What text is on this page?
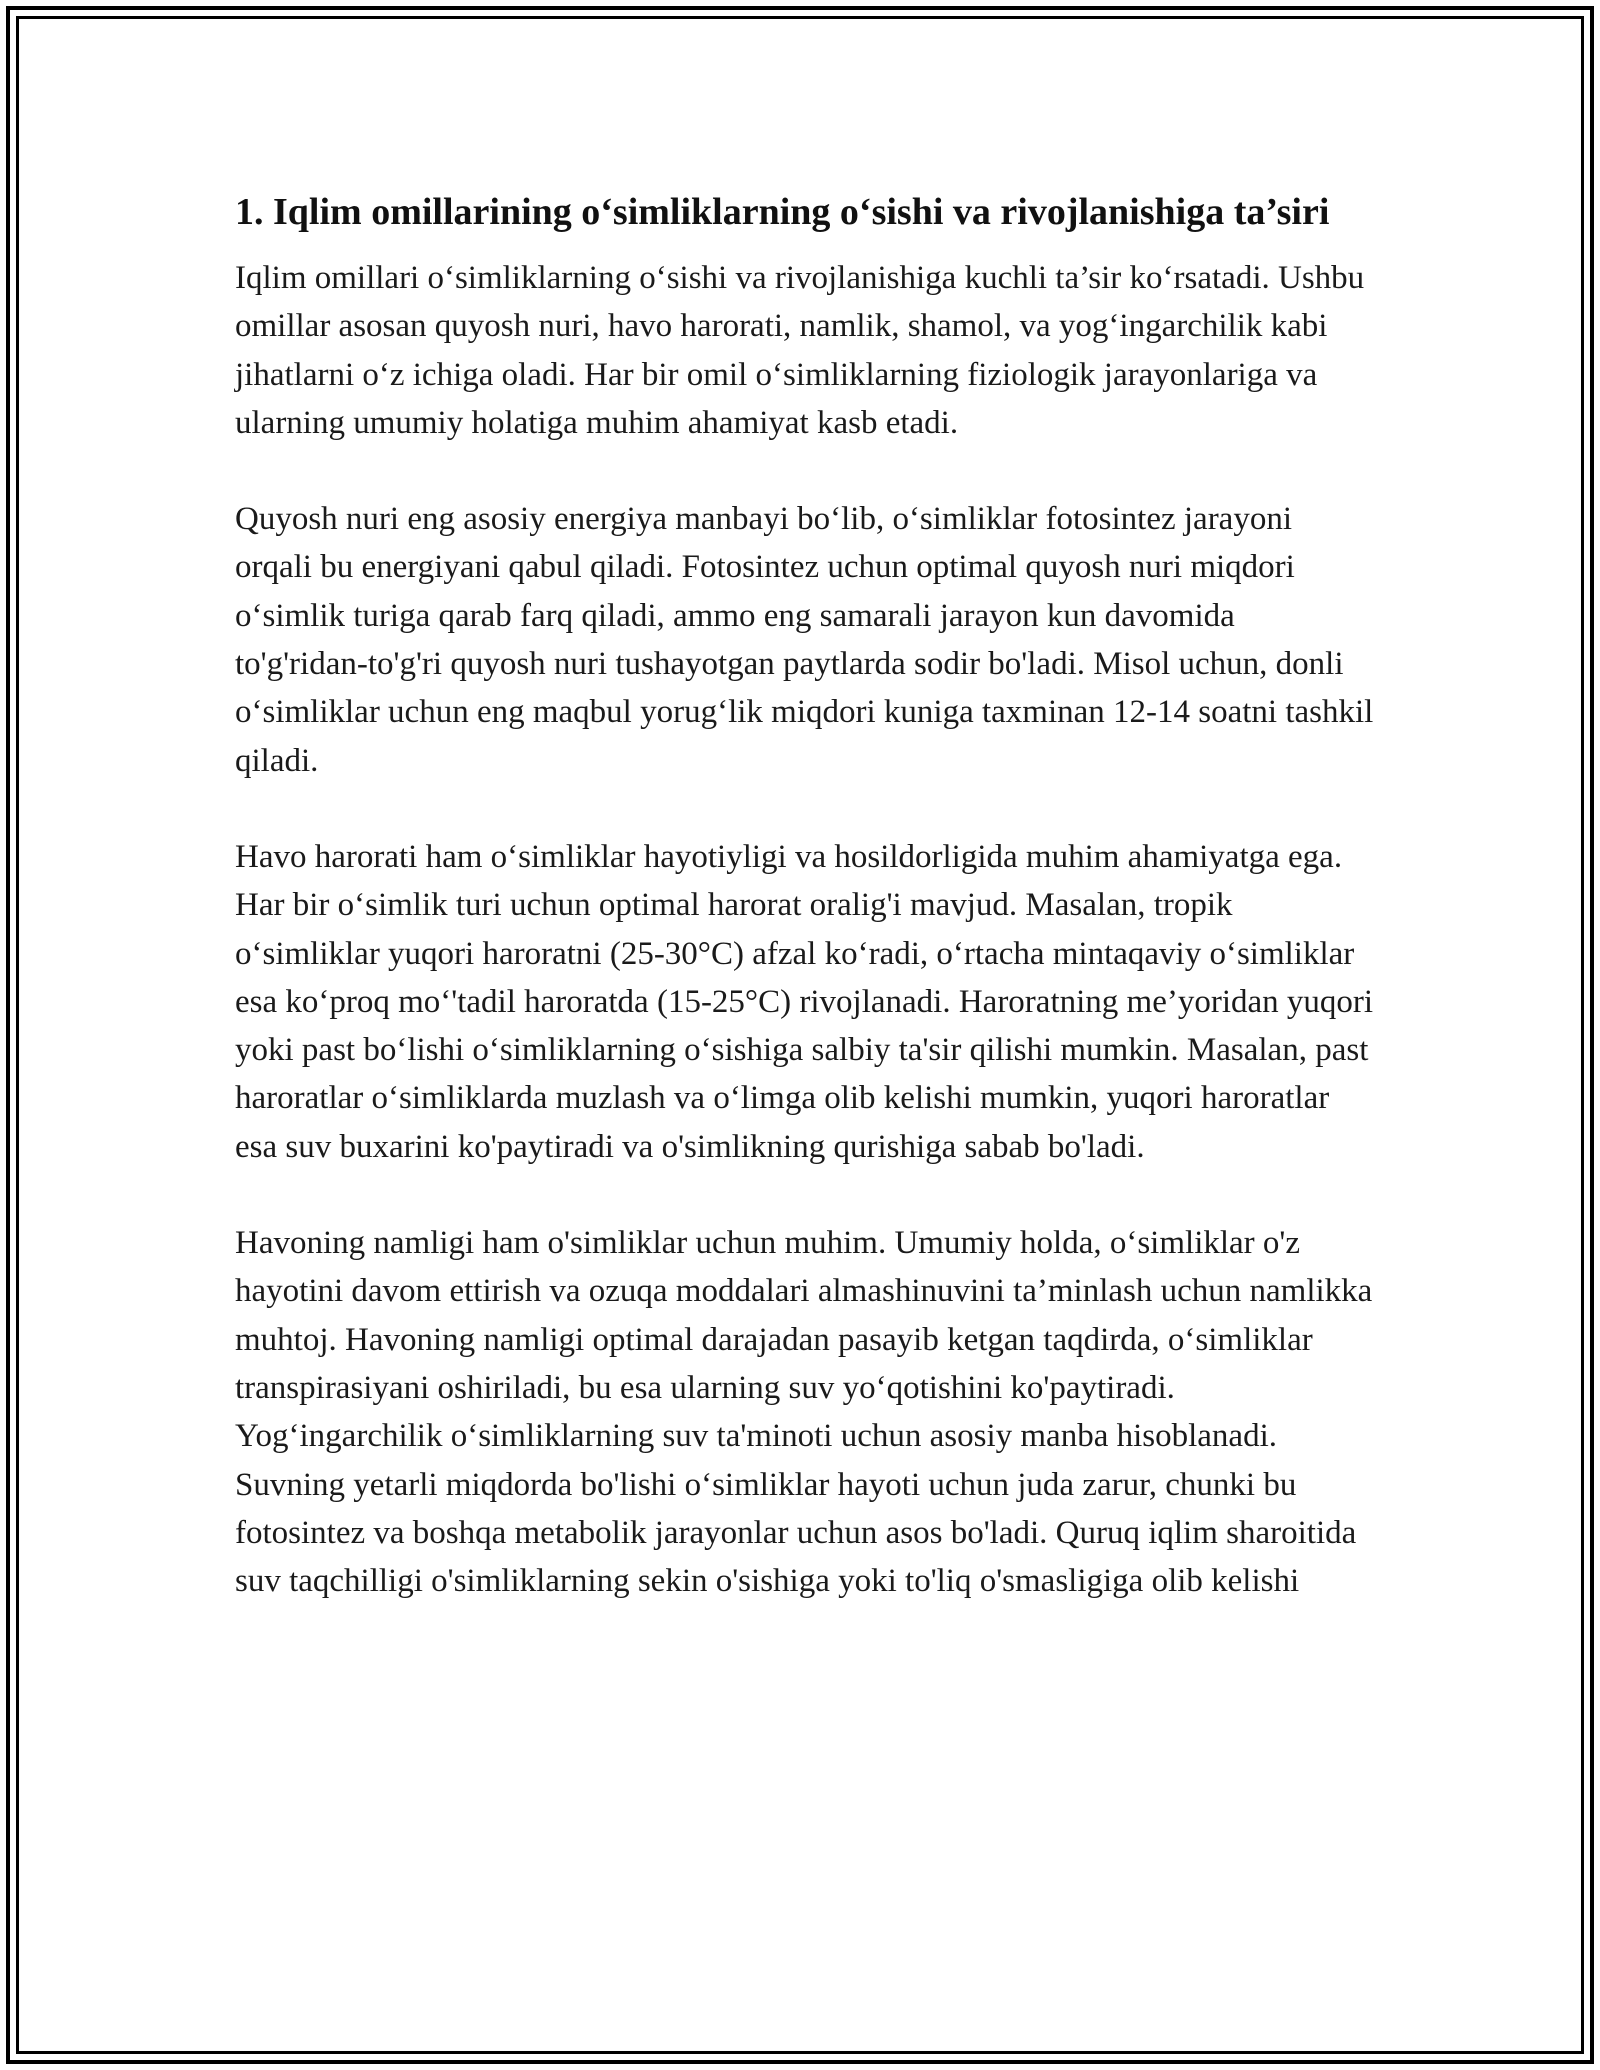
1. Iqlim omillarining o‘simliklarning o‘sishi va rivojlanishiga ta’siri

Iqlim omillari o‘simliklarning o‘sishi va rivojlanishiga kuchli ta’sir ko‘rsatadi. Ushbu omillar asosan quyosh nuri, havo harorati, namlik, shamol, va yog‘ingarchilik kabi jihatlarni o‘z ichiga oladi. Har bir omil o‘simliklarning fiziologik jarayonlariga va ularning umumiy holatiga muhim ahamiyat kasb etadi.

Quyosh nuri eng asosiy energiya manbayi bo‘lib, o‘simliklar fotosintez jarayoni orqali bu energiyani qabul qiladi. Fotosintez uchun optimal quyosh nuri miqdori o‘simlik turiga qarab farq qiladi, ammo eng samarali jarayon kun davomida to'g'ridan-to'g'ri quyosh nuri tushayotgan paytlarda sodir bo'ladi. Misol uchun, donli o‘simliklar uchun eng maqbul yorug‘lik miqdori kuniga taxminan 12-14 soatni tashkil qiladi.

Havo harorati ham o‘simliklar hayotiyligi va hosildorligida muhim ahamiyatga ega. Har bir o‘simlik turi uchun optimal harorat oralig'i mavjud. Masalan, tropik o‘simliklar yuqori haroratni (25-30°C) afzal ko‘radi, o‘rtacha mintaqaviy o‘simliklar esa ko‘proq mo‘'tadil haroratda (15-25°C) rivojlanadi. Haroratning me’yoridan yuqori yoki past bo‘lishi o‘simliklarning o‘sishiga salbiy ta'sir qilishi mumkin. Masalan, past haroratlar o‘simliklarda muzlash va o‘limga olib kelishi mumkin, yuqori haroratlar esa suv buxarini ko'paytiradi va o'simlikning qurishiga sabab bo'ladi.

Havoning namligi ham o'simliklar uchun muhim. Umumiy holda, o‘simliklar o'z hayotini davom ettirish va ozuqa moddalari almashinuvini ta’minlash uchun namlikka muhtoj. Havoning namligi optimal darajadan pasayib ketgan taqdirda, o‘simliklar transpirasiyani oshiriladi, bu esa ularning suv yo‘qotishini ko'paytiradi. Yog‘ingarchilik o‘simliklarning suv ta'minoti uchun asosiy manba hisoblanadi. Suvning yetarli miqdorda bo'lishi o‘simliklar hayoti uchun juda zarur, chunki bu fotosintez va boshqa metabolik jarayonlar uchun asos bo'ladi. Quruq iqlim sharoitida suv taqchilligi o'simliklarning sekin o'sishiga yoki to'liq o'smasligiga olib kelishi
